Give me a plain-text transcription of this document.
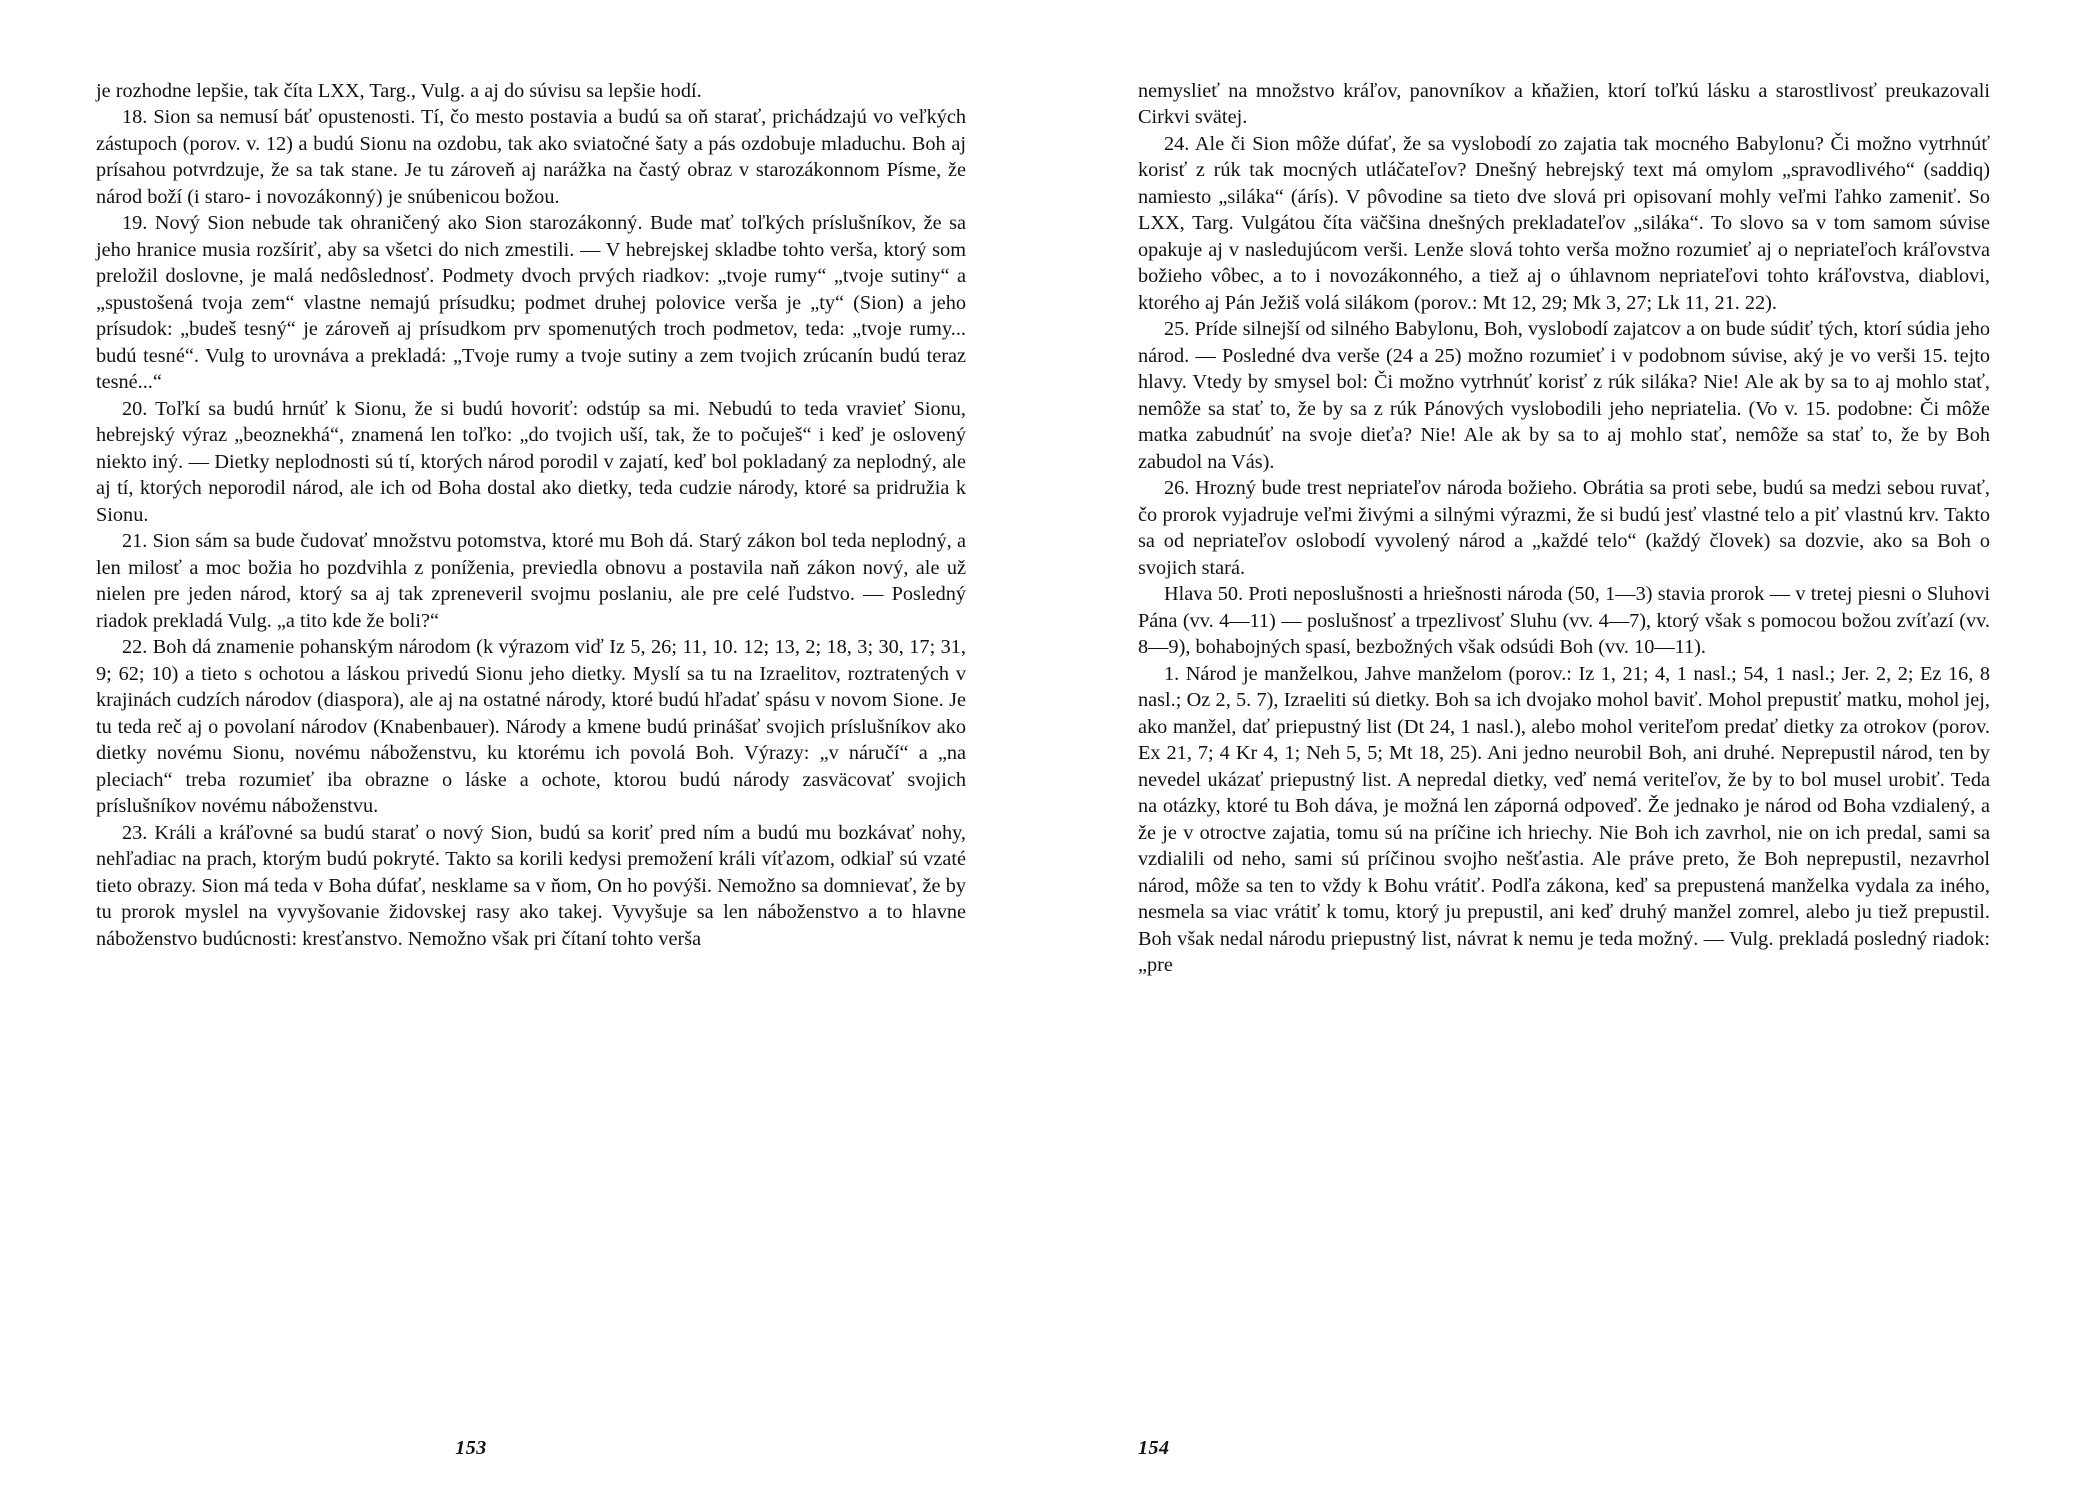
je rozhodne lepšie, tak číta LXX, Targ., Vulg. a aj do súvisu sa lepšie hodí.

18. Sion sa nemusí báť opustenosti. Tí, čo mesto postavia a budú sa oň starať, prichádzajú vo veľkých zástupoch (porov. v. 12) a budú Sionu na ozdobu, tak ako sviatočné šaty a pás ozdobuje mladuchu. Boh aj prísahou potvrdzuje, že sa tak stane. Je tu zároveň aj narážka na častý obraz v starozákonnom Písme, že národ boží (i staro- i novozákonný) je snúbenicou božou.

19. Nový Sion nebude tak ohraničený ako Sion starozákonný. Bude mať toľkých príslušníkov, že sa jeho hranice musia rozšíriť, aby sa všetci do nich zmestili. — V hebrejskej skladbe tohto verša, ktorý som preložil doslovne, je malá nedôslednosť. Podmety dvoch prvých riadkov: „tvoje rumy“ „tvoje sutiny“ a „spustošená tvoja zem“ vlastne nemajú prísudku; podmet druhej polovice verša je „ty“ (Sion) a jeho prísudok: „budeš tesný“ je zároveň aj prísudkom prv spomenutých troch podmetov, teda: „tvoje rumy... budú tesné“. Vulg to urovnáva a prekladá: „Tvoje rumy a tvoje sutiny a zem tvojich zrúcanín budú teraz tesné...“

20. Toľkí sa budú hrnúť k Sionu, že si budú hovoriť: odstúp sa mi. Nebudú to teda vravieť Sionu, hebrejský výraz „beoznekhá“, znamená len toľko: „do tvojich uší, tak, že to počuješ“ i keď je oslovený niekto iný. — Dietky neplodnosti sú tí, ktorých národ porodil v zajatí, keď bol pokladaný za neplodný, ale aj tí, ktorých neporodil národ, ale ich od Boha dostal ako dietky, teda cudzie národy, ktoré sa pridružia k Sionu.

21. Sion sám sa bude čudovať množstvu potomstva, ktoré mu Boh dá. Starý zákon bol teda neplodný, a len milosť a moc božia ho pozdvihla z poníženia, previedla obnovu a postavila naň zákon nový, ale už nielen pre jeden národ, ktorý sa aj tak zpreneveril svojmu poslaniu, ale pre celé ľudstvo. — Posledný riadok prekladá Vulg. „a tito kde že boli?“

22. Boh dá znamenie pohanským národom (k výrazom viď Iz 5, 26; 11, 10. 12; 13, 2; 18, 3; 30, 17; 31, 9; 62; 10) a tieto s ochotou a láskou privedú Sionu jeho dietky. Myslí sa tu na Izraelitov, roztratených v krajinách cudzích národov (diaspora), ale aj na ostatné národy, ktoré budú hľadať spásu v novom Sione. Je tu teda reč aj o povolaní národov (Knabenbauer). Národy a kmene budú prinášať svojich príslušníkov ako dietky novému Sionu, novému náboženstvu, ku ktorému ich povolá Boh. Výrazy: „v náručí“ a „na pleciach“ treba rozumieť iba obrazne o láske a ochote, ktorou budú národy zasväcovať svojich príslušníkov novému náboženstvu.

23. Králi a kráľovné sa budú starať o nový Sion, budú sa koriť pred ním a budú mu bozkávať nohy, nehľadiac na prach, ktorým budú pokryté. Takto sa korili kedysi premožení králi víťazom, odkiaľ sú vzaté tieto obrazy. Sion má teda v Boha dúfať, nesklame sa v ňom, On ho povýši. Nemožno sa domnievať, že by tu prorok myslel na vyvyšovanie židovskej rasy ako takej. Vyvyšuje sa len náboženstvo a to hlavne náboženstvo budúcnosti: kresťanstvo. Nemožno však pri čítaní tohto verša

153

nemyslieť na množstvo kráľov, panovníkov a kňažien, ktorí toľkú lásku a starostlivosť preukazovali Cirkvi svätej.

24. Ale či Sion môže dúfať, že sa vyslobodí zo zajatia tak mocného Babylonu? Či možno vytrhnúť korisť z rúk tak mocných utláčateľov? Dnešný hebrejský text má omylom „spravodlivého“ (saddiq) namiesto „siláka“ (árís). V pôvodine sa tieto dve slová pri opisovaní mohly veľmi ľahko zameniť. So LXX, Targ. Vulgátou číta väčšina dnešných prekladateľov „siláka“. To slovo sa v tom samom súvise opakuje aj v nasledujúcom verši. Lenže slová tohto verša možno rozumieť aj o nepriateľoch kráľovstva božieho vôbec, a to i novozákonného, a tiež aj o úhlavnom nepriateľovi tohto kráľovstva, diablovi, ktorého aj Pán Ježiš volá silákom (porov.: Mt 12, 29; Mk 3, 27; Lk 11, 21. 22).

25. Príde silnejší od silného Babylonu, Boh, vyslobodí zajatcov a on bude súdiť tých, ktorí súdia jeho národ. — Posledné dva verše (24 a 25) možno rozumieť i v podobnom súvise, aký je vo verši 15. tejto hlavy. Vtedy by smysel bol: Či možno vytrhnúť korisť z rúk siláka? Nie! Ale ak by sa to aj mohlo stať, nemôže sa stať to, že by sa z rúk Pánových vyslobodili jeho nepriatelia. (Vo v. 15. podobne: Či môže matka zabudnúť na svoje dieťa? Nie! Ale ak by sa to aj mohlo stať, nemôže sa stať to, že by Boh zabudol na Vás).

26. Hrozný bude trest nepriateľov národa božieho. Obrátia sa proti sebe, budú sa medzi sebou ruvať, čo prorok vyjadruje veľmi živými a silnými výrazmi, že si budú jesť vlastné telo a piť vlastnú krv. Takto sa od nepriateľov oslobodí vyvolený národ a „každé telo“ (každý človek) sa dozvie, ako sa Boh o svojich stará.

Hlava 50. Proti neposlušnosti a hriešnosti národa (50, 1—3) stavia prorok — v tretej piesni o Sluhovi Pána (vv. 4—11) — poslušnosť a trpezlivosť Sluhu (vv. 4—7), ktorý však s pomocou božou zvíťazí (vv. 8—9), bohabojných spasí, bezbožných však odsúdi Boh (vv. 10—11).

1. Národ je manželkou, Jahve manželom (porov.: Iz 1, 21; 4, 1 nasl.; 54, 1 nasl.; Jer. 2, 2; Ez 16, 8 nasl.; Oz 2, 5. 7), Izraeliti sú dietky. Boh sa ich dvojako mohol baviť. Mohol prepustiť matku, mohol jej, ako manžel, dať priepustný list (Dt 24, 1 nasl.), alebo mohol veriteľom predať dietky za otrokov (porov. Ex 21, 7; 4 Kr 4, 1; Neh 5, 5; Mt 18, 25). Ani jedno neurobil Boh, ani druhé. Neprepustil národ, ten by nevedel ukázať priepustný list. A nepredal dietky, veď nemá veriteľov, že by to bol musel urobiť. Teda na otázky, ktoré tu Boh dáva, je možná len záporná odpoveď. Že jednako je národ od Boha vzdialený, a že je v otroctve zajatia, tomu sú na príčine ich hriechy. Nie Boh ich zavrhol, nie on ich predal, sami sa vzdialili od neho, sami sú príčinou svojho nešťastia. Ale práve preto, že Boh neprepustil, nezavrhol národ, môže sa ten to vždy k Bohu vrátiť. Podľa zákona, keď sa prepustená manželka vydala za iného, nesmela sa viac vrátiť k tomu, ktorý ju prepustil, ani keď druhý manžel zomrel, alebo ju tiež prepustil. Boh však nedal národu priepustný list, návrat k nemu je teda možný. — Vulg. prekladá posledný riadok: „pre

154
